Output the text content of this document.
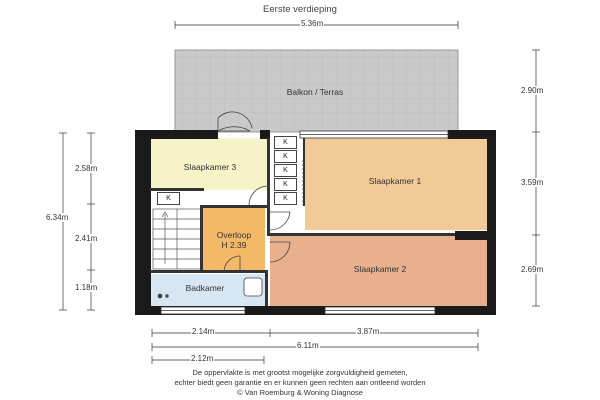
Eerste verdieping
Slaapkamer 3
Slaapkamer 1
Slaapkamer 2
Overloop
H 2.39
Badkamer
Balkon / Terras
K
K
K
K
K
K
5.36m
2.90m
3.59m
2.69m
6.34m
2.58m
2.41m
1.18m
2.14m	3.87m
6.11m
2.12m
De oppervlakte is met grootst mogelijke zorgvuldigheid gemeten,
echter biedt geen garantie en er kunnen geen rechten aan ontleend worden
© Van Roemburg & Woning Diagnose
